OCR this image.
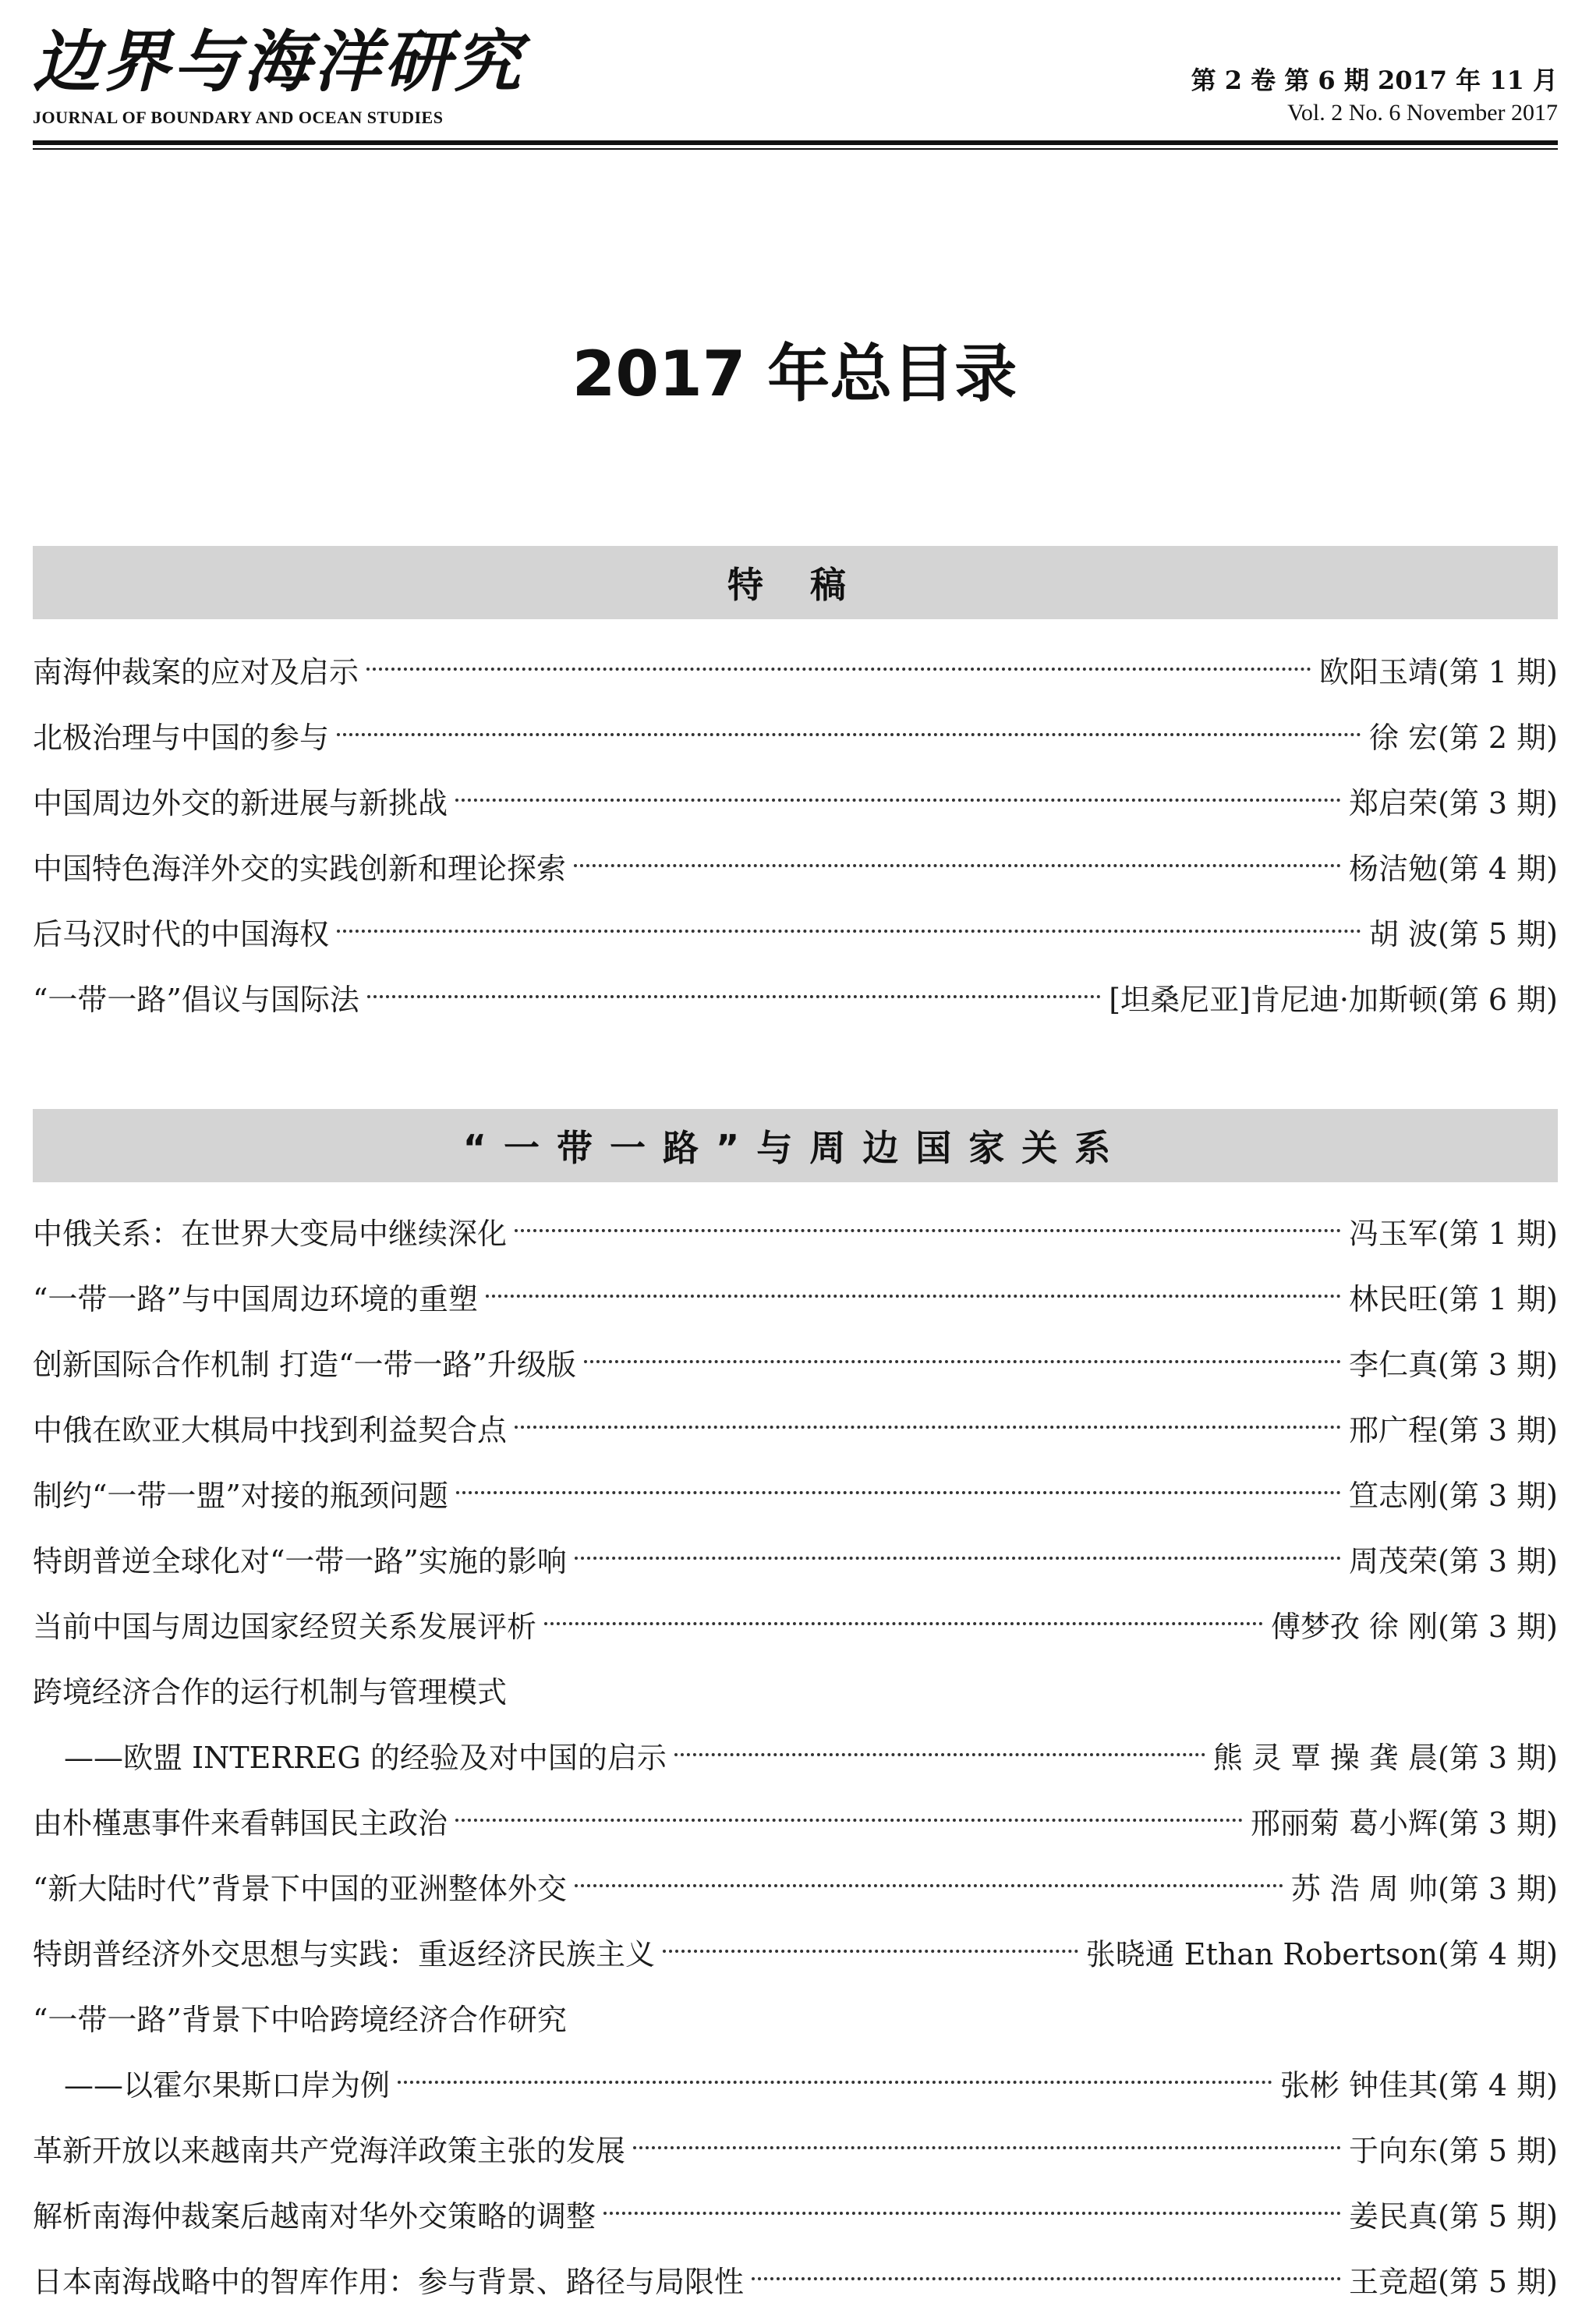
边界与海洋研究
JOURNAL OF BOUNDARY AND OCEAN STUDIES
第 2 卷 第 6 期 2017 年 11 月
Vol. 2 No. 6 November 2017
2017 年总目录
特 稿
南海仲裁案的应对及启示	欧阳玉靖 (第 1 期)
北极治理与中国的参与	徐 宏 (第 2 期)
中国周边外交的新进展与新挑战	郑启荣 (第 3 期)
中国特色海洋外交的实践创新和理论探索	杨洁勉 (第 4 期)
后马汉时代的中国海权	胡 波 (第 5 期)
“一带一路”倡议与国际法	[坦桑尼亚]肯尼迪·加斯顿 (第 6 期)
“一带一路”与周边国家关系
中俄关系：在世界大变局中继续深化	冯玉军 (第 1 期)
“一带一路”与中国周边环境的重塑	林民旺 (第 1 期)
创新国际合作机制 打造“一带一路”升级版	李仁真 (第 3 期)
中俄在欧亚大棋局中找到利益契合点	邢广程 (第 3 期)
制约“一带一盟”对接的瓶颈问题	笪志刚 (第 3 期)
特朗普逆全球化对“一带一路”实施的影响	周茂荣 (第 3 期)
当前中国与周边国家经贸关系发展评析	傅梦孜 徐 刚 (第 3 期)
跨境经济合作的运行机制与管理模式
——欧盟 INTERREG 的经验及对中国的启示	熊 灵 覃 操 龚 晨 (第 3 期)
由朴槿惠事件来看韩国民主政治	邢丽菊 葛小辉 (第 3 期)
“新大陆时代”背景下中国的亚洲整体外交	苏 浩 周 帅 (第 3 期)
特朗普经济外交思想与实践：重返经济民族主义	张晓通 Ethan Robertson (第 4 期)
“一带一路”背景下中哈跨境经济合作研究
——以霍尔果斯口岸为例	张彬 钟佳其 (第 4 期)
革新开放以来越南共产党海洋政策主张的发展	于向东 (第 5 期)
解析南海仲裁案后越南对华外交策略的调整	姜民真 (第 5 期)
日本南海战略中的智库作用：参与背景、路径与局限性	王竞超 (第 5 期)
